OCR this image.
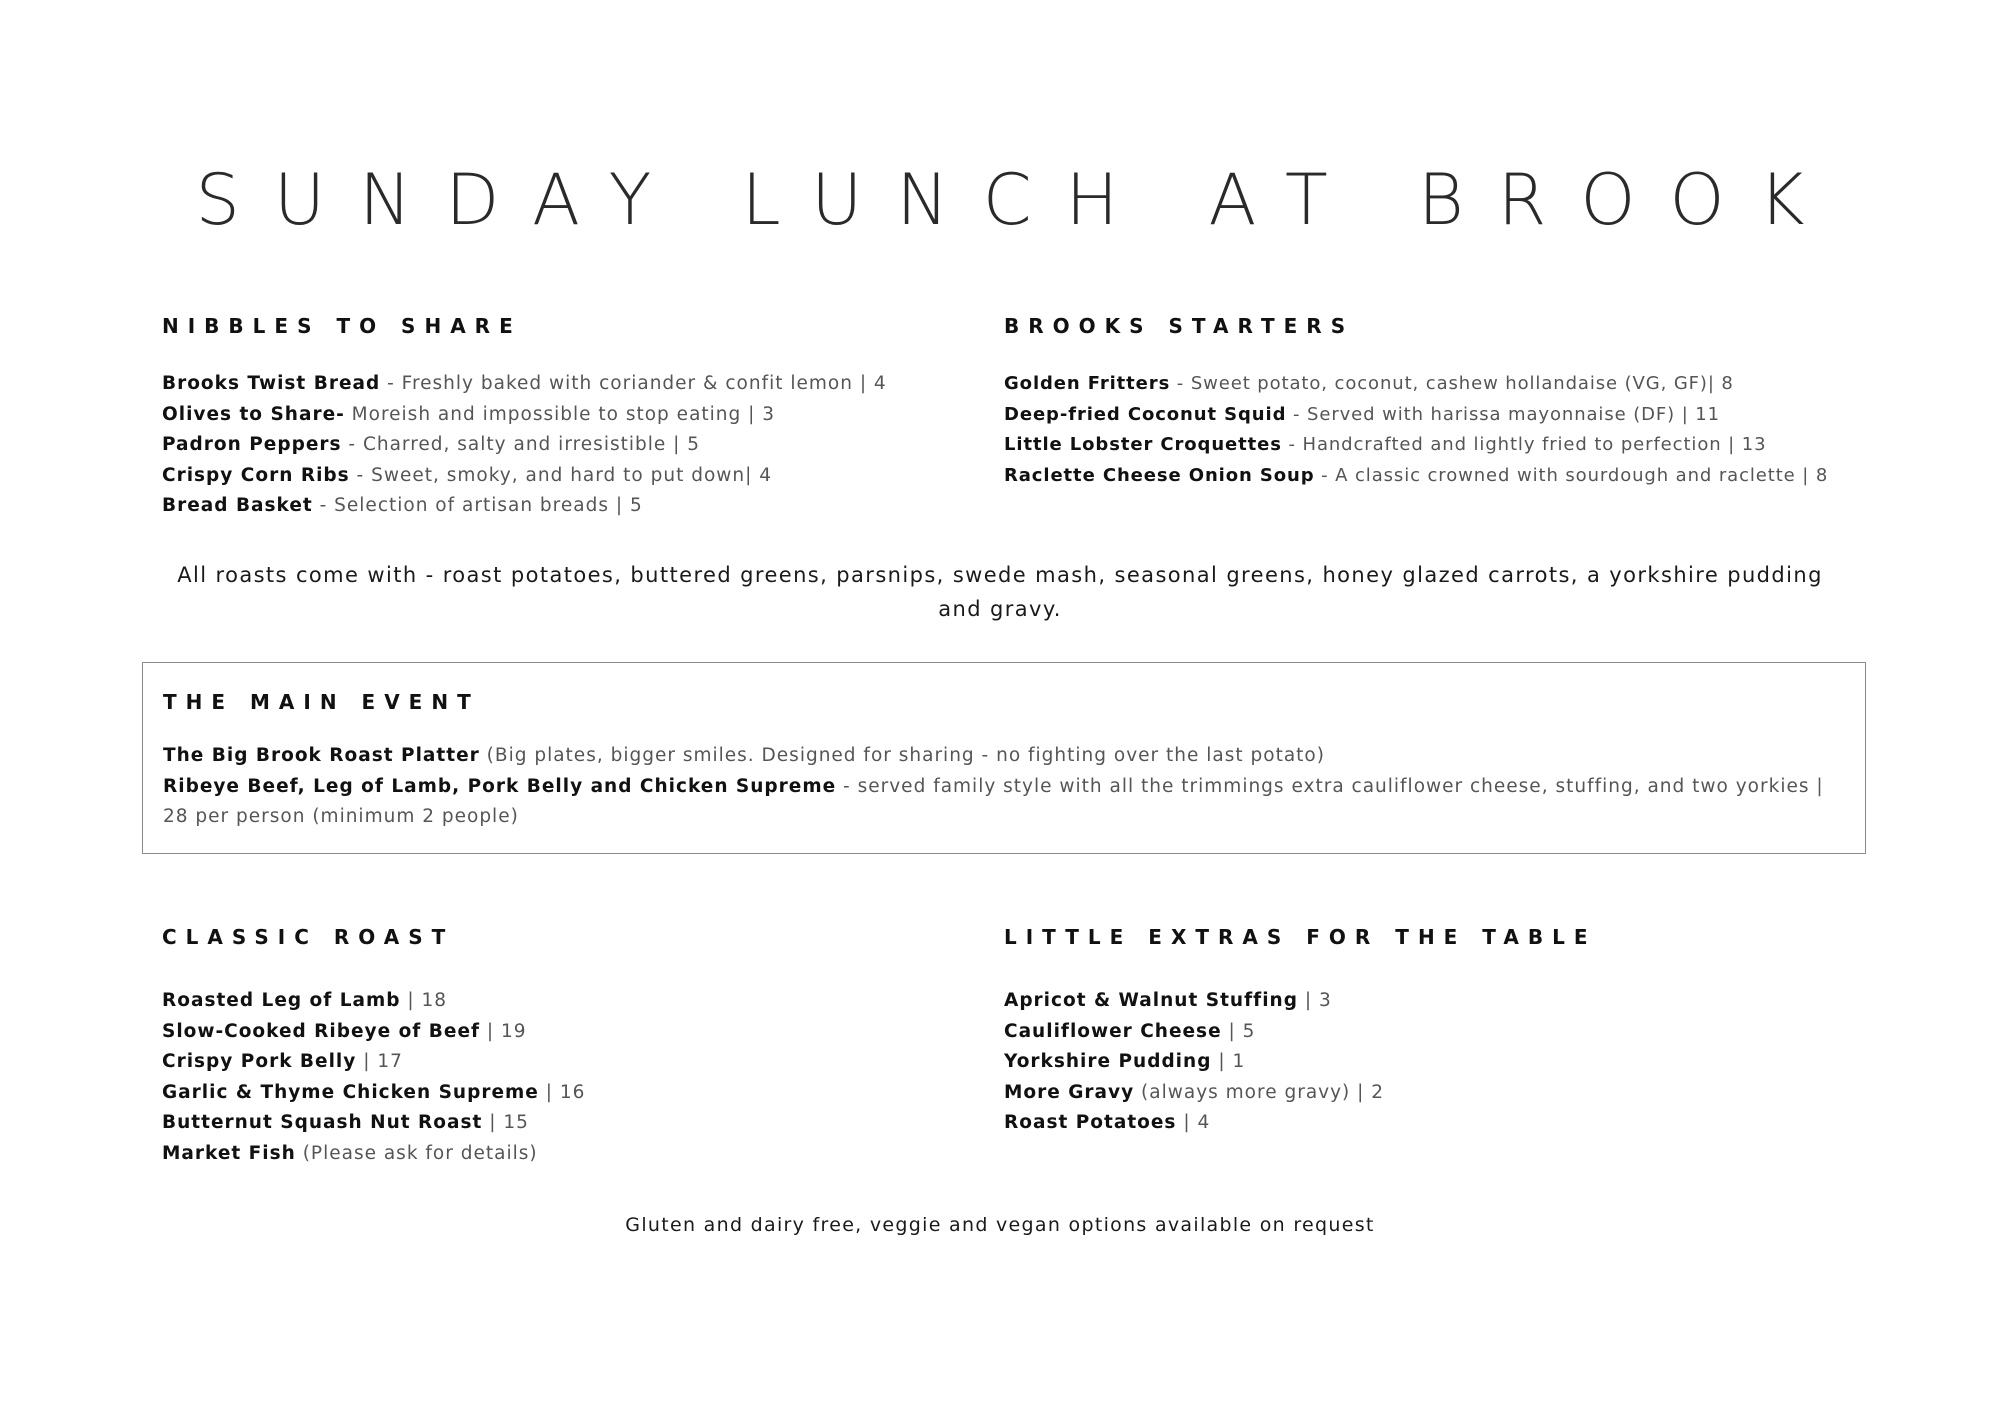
SUNDAY LUNCH AT BROOK
NIBBLES TO SHARE
Brooks Twist Bread - Freshly baked with coriander & confit lemon | 4
Olives to Share- Moreish and impossible to stop eating | 3
Padron Peppers - Charred, salty and irresistible | 5
Crispy Corn Ribs - Sweet, smoky, and hard to put down| 4
Bread Basket - Selection of artisan breads | 5
BROOKS STARTERS
Golden Fritters - Sweet potato, coconut, cashew hollandaise (VG, GF)| 8
Deep-fried Coconut Squid - Served with harissa mayonnaise (DF) | 11
Little Lobster Croquettes - Handcrafted and lightly fried to perfection | 13
Raclette Cheese Onion Soup - A classic crowned with sourdough and raclette | 8

All roasts come with - roast potatoes, buttered greens, parsnips, swede mash, seasonal greens, honey glazed carrots, a yorkshire pudding and gravy.

THE MAIN EVENT
The Big Brook Roast Platter (Big plates, bigger smiles. Designed for sharing - no fighting over the last potato)
Ribeye Beef, Leg of Lamb, Pork Belly and Chicken Supreme - served family style with all the trimmings extra cauliflower cheese, stuffing, and two yorkies | 28 per person (minimum 2 people)
CLASSIC ROAST
Roasted Leg of Lamb | 18
Slow-Cooked Ribeye of Beef | 19
Crispy Pork Belly | 17
Garlic & Thyme Chicken Supreme | 16
Butternut Squash Nut Roast | 15
Market Fish (Please ask for details)
LITTLE EXTRAS FOR THE TABLE
Apricot & Walnut Stuffing | 3
Cauliflower Cheese | 5
Yorkshire Pudding | 1
More Gravy (always more gravy) | 2
Roast Potatoes | 4

Gluten and dairy free, veggie and vegan options available on request
